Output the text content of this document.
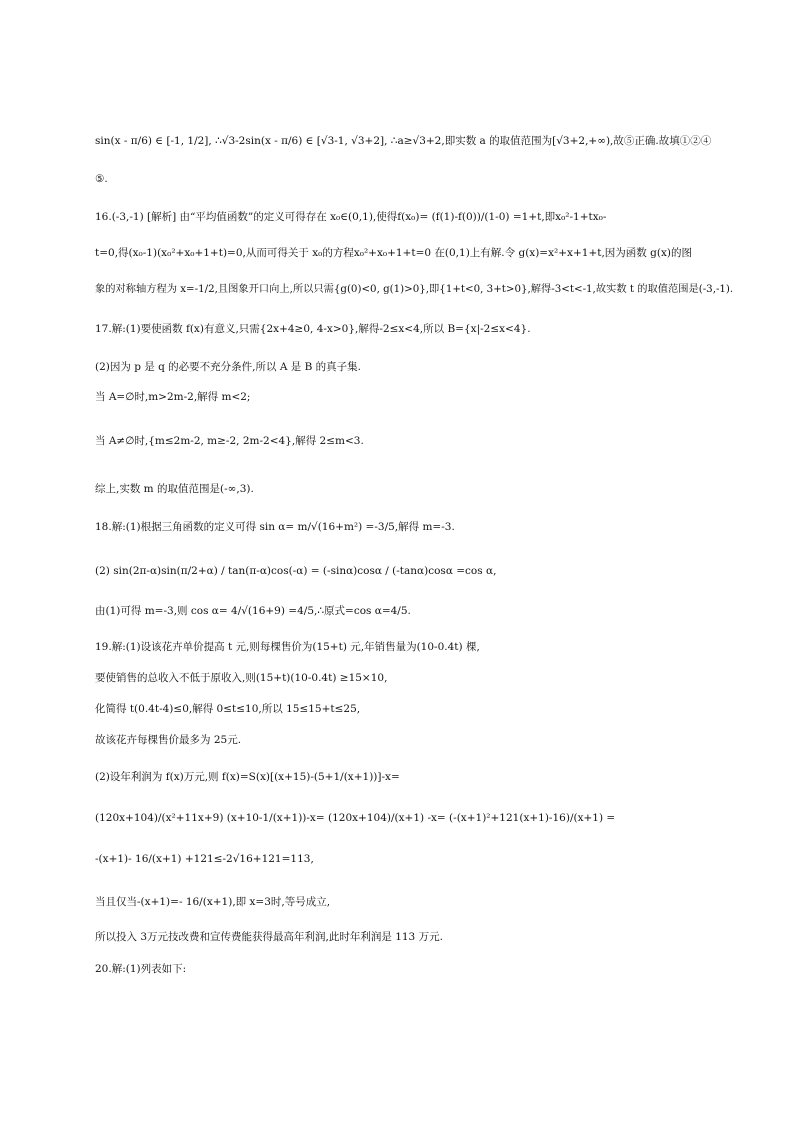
sin(x - π/6) ∈ [-1, 1/2], ∴√3-2sin(x - π/6) ∈ [√3-1, √3+2], ∴a≥√3+2,即实数 a 的取值范围为[√3+2,+∞),故⑤正确.故填①②④
⑤.
16.(-3,-1) [解析] 由“平均值函数”的定义可得存在 x₀∈(0,1),使得f(x₀)= (f(1)-f(0))/(1-0) =1+t,即x₀²-1+tx₀-
t=0,得(x₀-1)(x₀²+x₀+1+t)=0,从而可得关于 x₀的方程x₀²+x₀+1+t=0 在(0,1)上有解.令 g(x)=x²+x+1+t,因为函数 g(x)的图
象的对称轴方程为 x=-1/2,且图象开口向上,所以只需{g(0)<0, g(1)>0},即{1+t<0, 3+t>0},解得-3<t<-1,故实数 t 的取值范围是(-3,-1).
17.解:(1)要使函数 f(x)有意义,只需{2x+4≥0, 4-x>0},解得-2≤x<4,所以 B={x|-2≤x<4}.
(2)因为 p 是 q 的必要不充分条件,所以 A 是 B 的真子集.
当 A=∅时,m>2m-2,解得 m<2;
当 A≠∅时,{m≤2m-2, m≥-2, 2m-2<4},解得 2≤m<3.
综上,实数 m 的取值范围是(-∞,3).
18.解:(1)根据三角函数的定义可得 sin α= m/√(16+m²) =-3/5,解得 m=-3.
(2) sin(2π-α)sin(π/2+α) / tan(π-α)cos(-α) = (-sinα)cosα / (-tanα)cosα =cos α,
由(1)可得 m=-3,则 cos α= 4/√(16+9) =4/5,∴原式=cos α=4/5.
19.解:(1)设该花卉单价提高 t 元,则每棵售价为(15+t) 元,年销售量为(10-0.4t) 棵,
要使销售的总收入不低于原收入,则(15+t)(10-0.4t) ≥15×10,
化简得 t(0.4t-4)≤0,解得 0≤t≤10,所以 15≤15+t≤25,
故该花卉每棵售价最多为 25元.
(2)设年利润为 f(x)万元,则 f(x)=S(x)[(x+15)-(5+1/(x+1))]-x=
(120x+104)/(x²+11x+9) (x+10-1/(x+1))-x= (120x+104)/(x+1) -x= (-(x+1)²+121(x+1)-16)/(x+1) =
-(x+1)- 16/(x+1) +121≤-2√16+121=113,
当且仅当-(x+1)=- 16/(x+1),即 x=3时,等号成立,
所以投入 3万元技改费和宣传费能获得最高年利润,此时年利润是 113 万元.
20.解:(1)列表如下:
